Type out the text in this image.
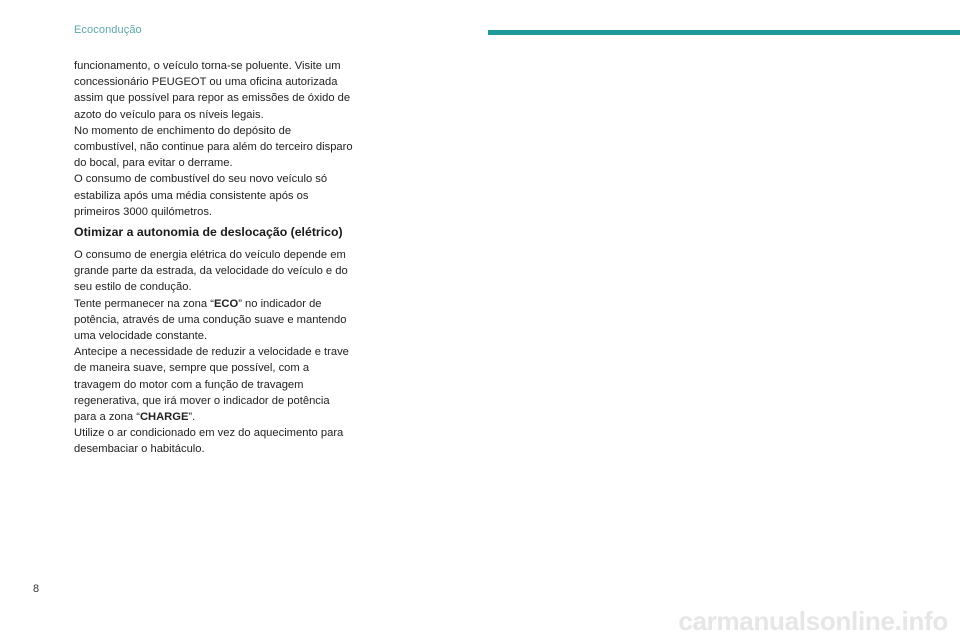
Ecocondução

funcionamento, o veículo torna-se poluente. Visite um concessionário PEUGEOT ou uma oficina autorizada assim que possível para repor as emissões de óxido de azoto do veículo para os níveis legais.

No momento de enchimento do depósito de combustível, não continue para além do terceiro disparo do bocal, para evitar o derrame.

O consumo de combustível do seu novo veículo só estabiliza após uma média consistente após os primeiros 3000 quilómetros.

Otimizar a autonomia de deslocação (elétrico)

O consumo de energia elétrica do veículo depende em grande parte da estrada, da velocidade do veículo e do seu estilo de condução.

Tente permanecer na zona “ECO” no indicador de potência, através de uma condução suave e mantendo uma velocidade constante.

Antecipe a necessidade de reduzir a velocidade e trave de maneira suave, sempre que possível, com a travagem do motor com a função de travagem regenerativa, que irá mover o indicador de potência para a zona “CHARGE”.

Utilize o ar condicionado em vez do aquecimento para desembaciar o habitáculo.

8
carmanualsonline.info
